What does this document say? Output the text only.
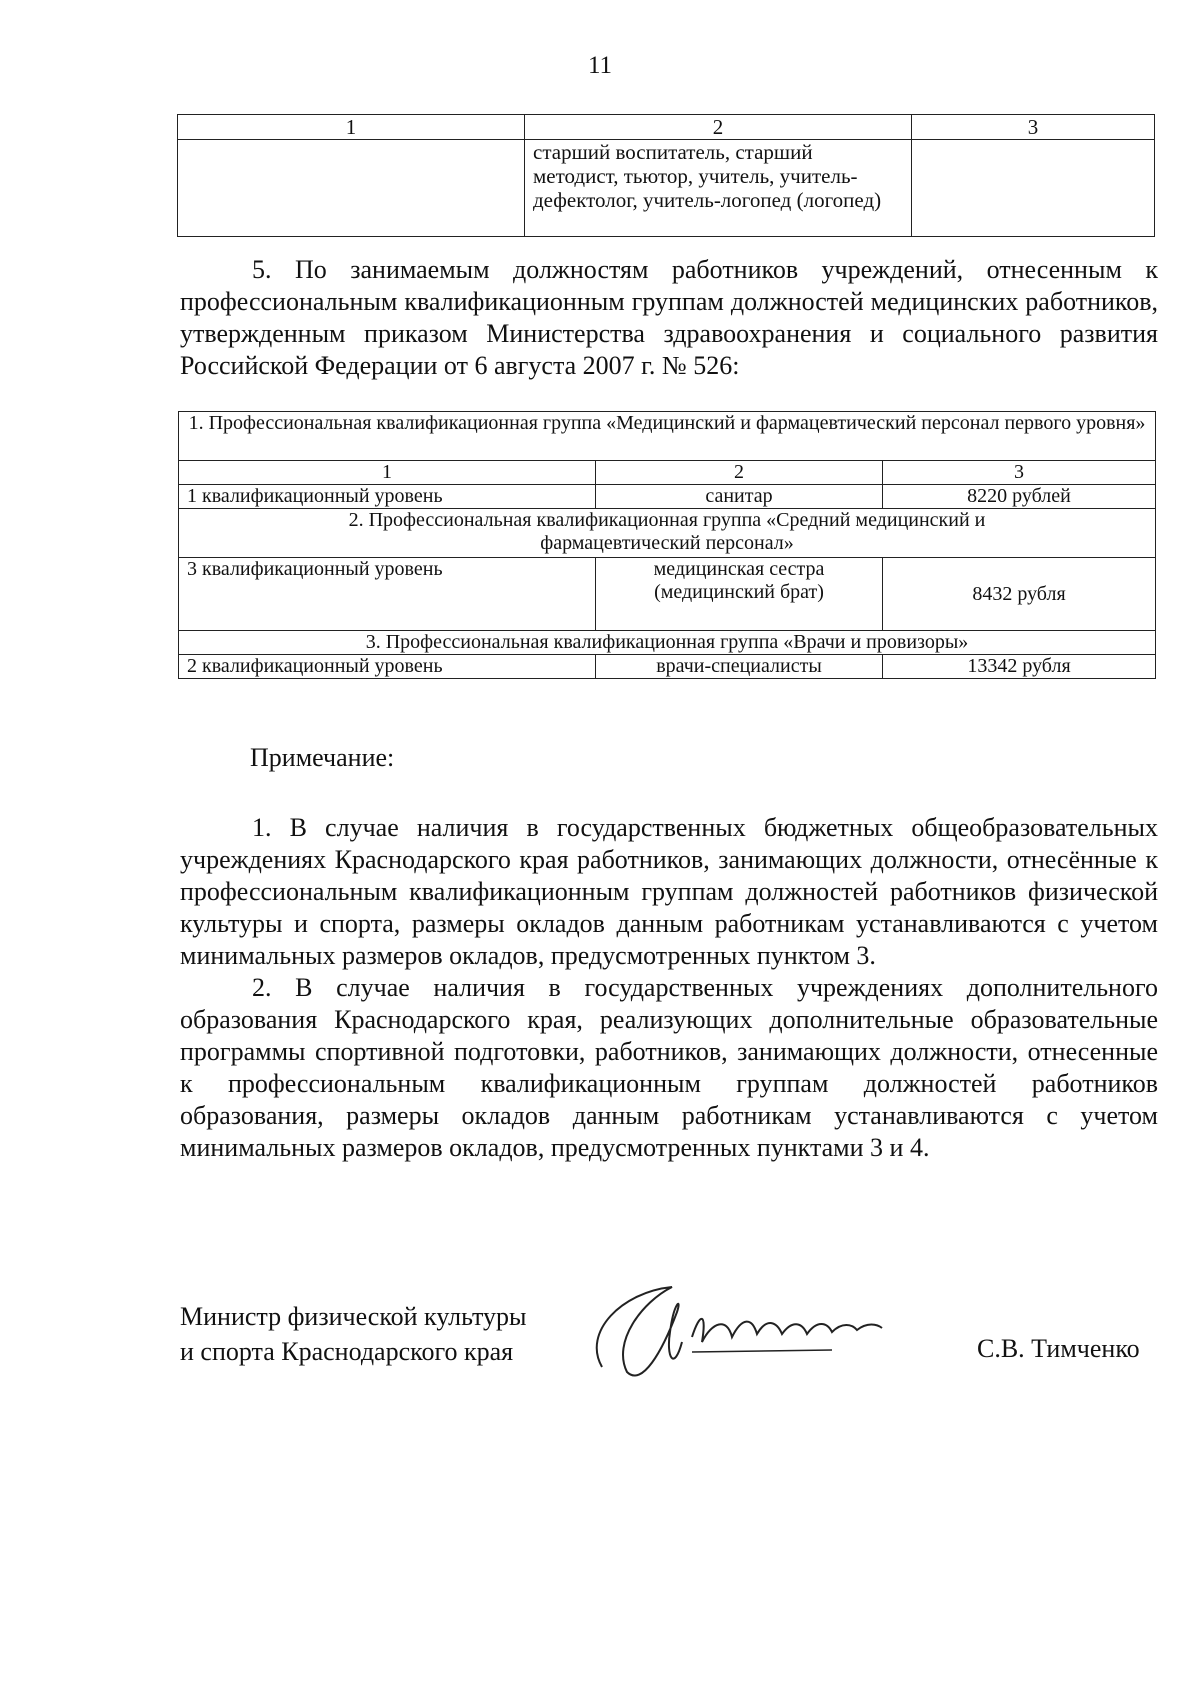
11
1	2	3
	старший воспитатель, старший методист, тьютор, учитель, учитель-дефектолог, учитель-логопед (логопед)	

5. По занимаемым должностям работников учреждений, отнесенным к профессиональным квалификационным группам должностей медицинских работников, утвержденным приказом Министерства здравоохранения и социального развития Российской Федерации от 6 августа 2007 г. № 526:

1. Профессиональная квалификационная группа «Медицинский и фармацевтический персонал первого уровня»		
1	2	3
1 квалификационный уровень	санитар	8220 рублей
2. Профессиональная квалификационная группа «Средний медицинский и фармацевтический персонал»		
3 квалификационный уровень	медицинская сестра (медицинский брат)	8432 рубля
3. Профессиональная квалификационная группа «Врачи и провизоры»		
2 квалификационный уровень	врачи-специалисты	13342 рубля
Примечание:

1. В случае наличия в государственных бюджетных общеобразовательных учреждениях Краснодарского края работников, занимающих должности, отнесённые к профессиональным квалификационным группам должностей работников физической культуры и спорта, размеры окладов данным работникам устанавливаются с учетом минимальных размеров окладов, предусмотренных пунктом 3.

2. В случае наличия в государственных учреждениях дополнительного образования Краснодарского края, реализующих дополнительные образовательные программы спортивной подготовки, работников, занимающих должности, отнесенные к профессиональным квалификационным группам должностей работников образования, размеры окладов данным работникам устанавливаются с учетом минимальных размеров окладов, предусмотренных пунктами 3 и 4.

Министр физической культуры
и спорта Краснодарского края	С.В. Тимченко
